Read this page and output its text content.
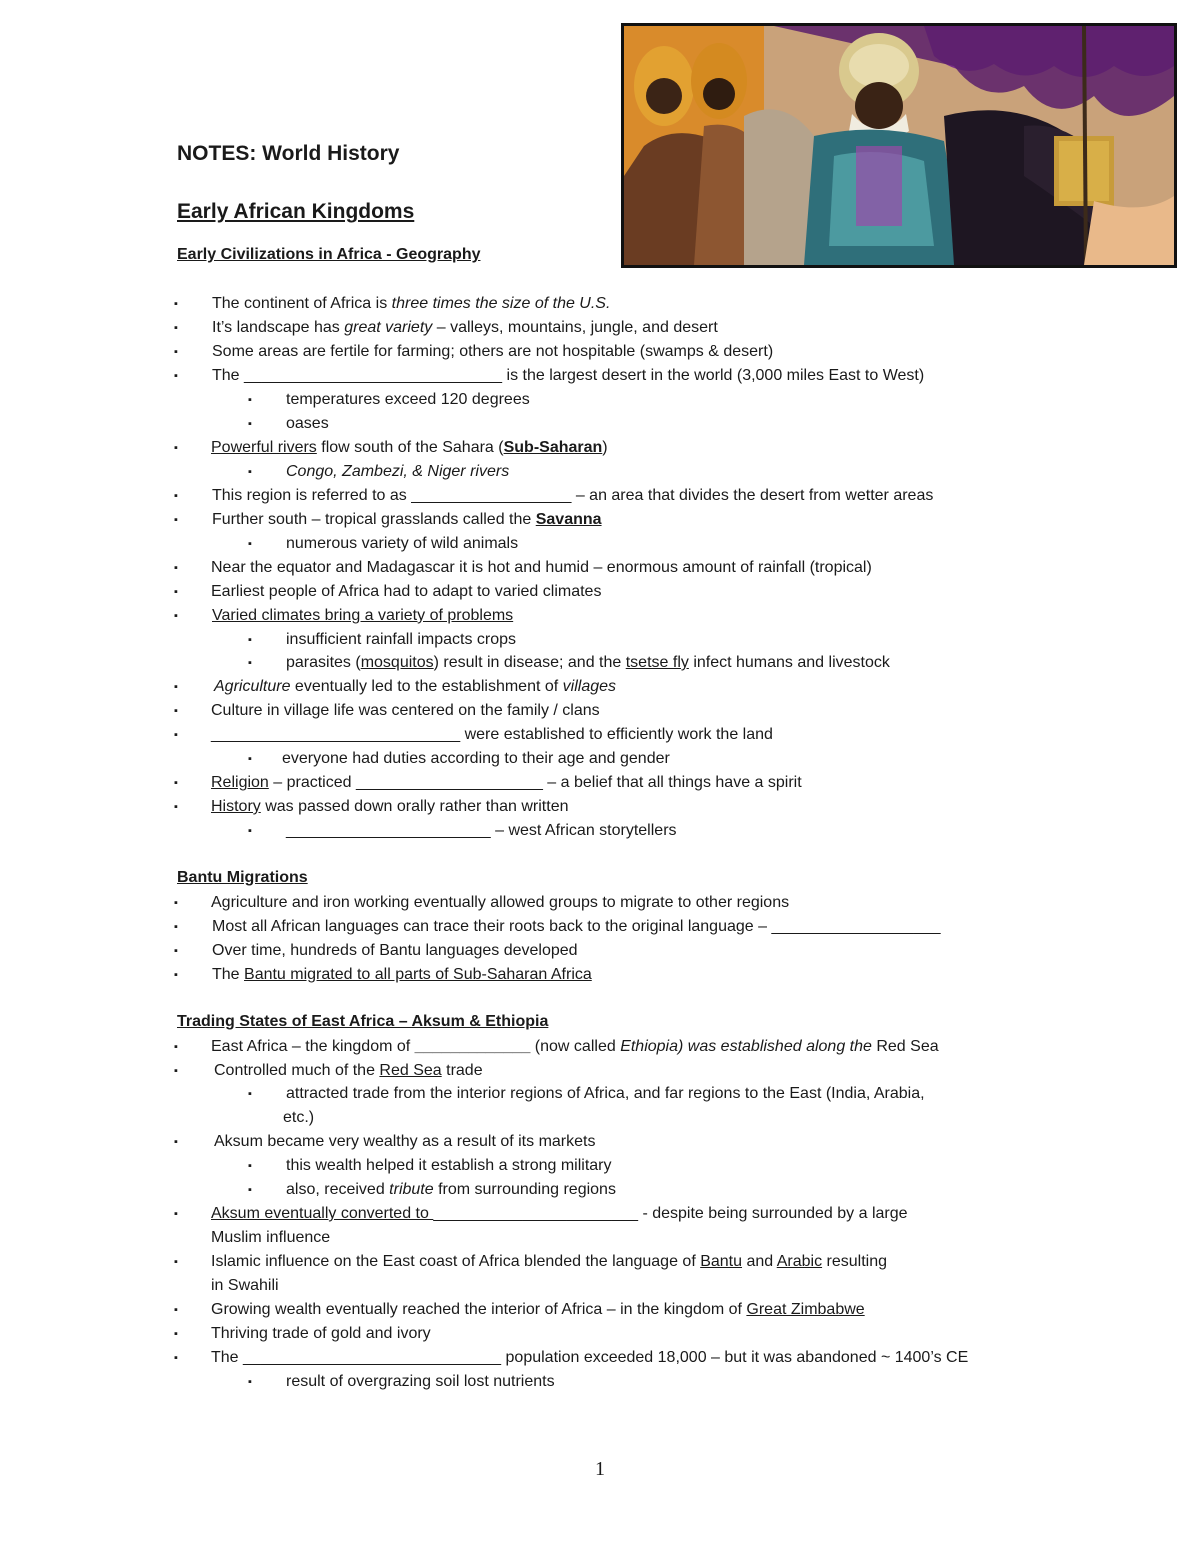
NOTES: World History
Early African Kingdoms
Early Civilizations in Africa - Geography
▪ The continent of Africa is three times the size of the U.S.
▪ It’s landscape has great variety – valleys, mountains, jungle, and desert
▪ Some areas are fertile for farming; others are not hospitable (swamps & desert)
▪ The _____________________________ is the largest desert in the world (3,000 miles East to West)
▪ temperatures exceed 120 degrees
▪ oases
▪ Powerful rivers flow south of the Sahara (Sub-Saharan)
▪ Congo, Zambezi, & Niger rivers
▪ This region is referred to as __________________ – an area that divides the desert from wetter areas
▪ Further south – tropical grasslands called the Savanna
▪ numerous variety of wild animals
▪ Near the equator and Madagascar it is hot and humid – enormous amount of rainfall (tropical)
▪ Earliest people of Africa had to adapt to varied climates
▪ Varied climates bring a variety of problems
▪ insufficient rainfall impacts crops
▪ parasites (mosquitos) result in disease; and the tsetse fly infect humans and livestock
▪ Agriculture eventually led to the establishment of villages
▪ Culture in village life was centered on the family / clans
▪ ____________________________ were established to efficiently work the land
▪ everyone had duties according to their age and gender
▪ Religion – practiced _____________________ – a belief that all things have a spirit
▪ History was passed down orally rather than written
▪ _______________________ – west African storytellers
Bantu Migrations
▪ Agriculture and iron working eventually allowed groups to migrate to other regions
▪ Most all African languages can trace their roots back to the original language – ___________________
▪ Over time, hundreds of Bantu languages developed
▪ The Bantu migrated to all parts of Sub-Saharan Africa
Trading States of East Africa – Aksum & Ethiopia
▪ East Africa – the kingdom of _____________ (now called Ethiopia) was established along the Red Sea
▪ Controlled much of the Red Sea trade
▪ attracted trade from the interior regions of Africa, and far regions to the East (India, Arabia,
etc.)
▪ Aksum became very wealthy as a result of its markets
▪ this wealth helped it establish a strong military
▪ also, received tribute from surrounding regions
▪ Aksum eventually converted to _______________________ - despite being surrounded by a large
Muslim influence
▪ Islamic influence on the East coast of Africa blended the language of Bantu and Arabic resulting
in Swahili
▪ Growing wealth eventually reached the interior of Africa – in the kingdom of Great Zimbabwe
▪ Thriving trade of gold and ivory
▪ The _____________________________ population exceeded 18,000 – but it was abandoned ~ 1400’s CE
▪ result of overgrazing soil lost nutrients
1
